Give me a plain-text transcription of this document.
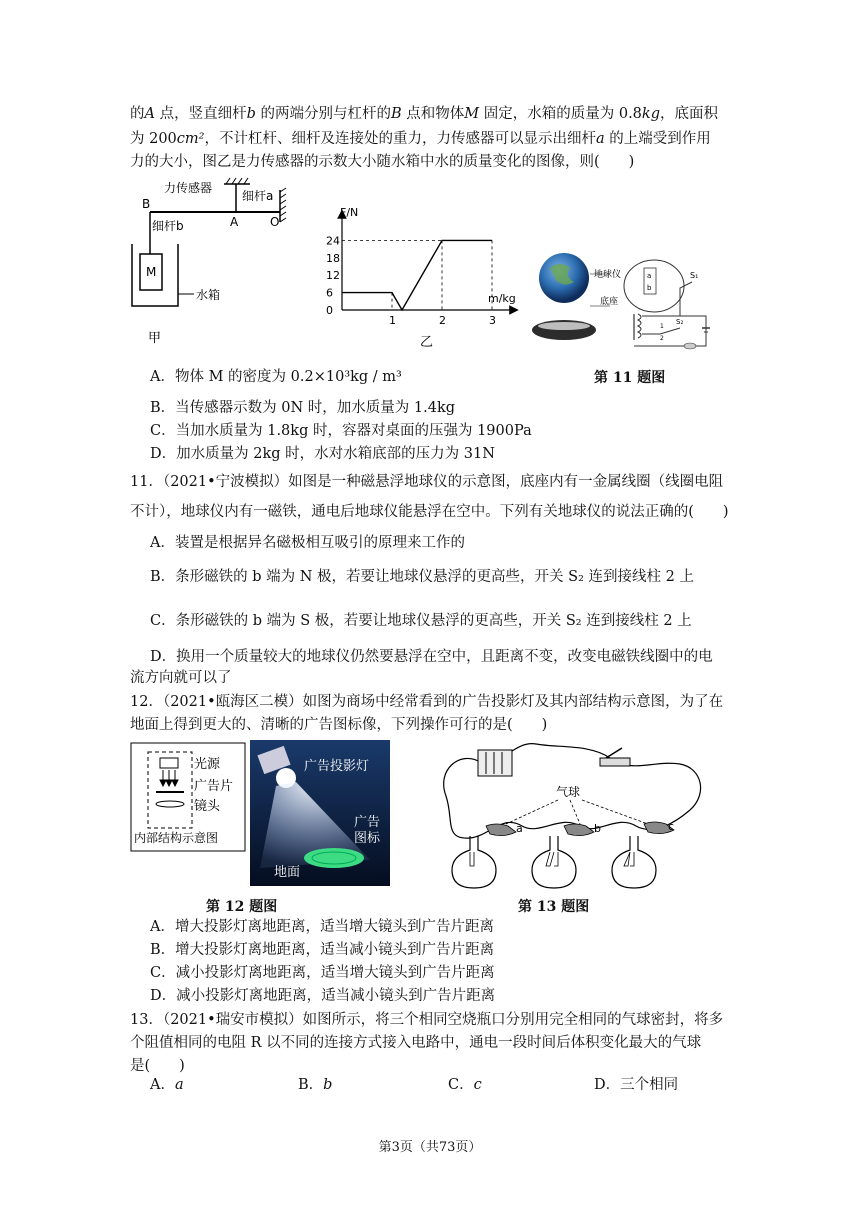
的A 点，竖直细杆b 的两端分别与杠杆的B 点和物体M 固定，水箱的质量为 0.8kg，底面积
为 200cm²，不计杠杆、细杆及连接处的重力，力传感器可以显示出细杆a 的上端受到作用
力的大小，图乙是力传感器的示数大小随水箱中水的质量变化的图像，则(　　)
力传感器
细杆a
B
A	O
细杆b
M
水箱
甲
F/N
m/kg
0
6
12
18
24
1	2	3
乙
地球仪
底座
a
b
S₁
S₂
1
2
A．物体 M 的密度为 0.2×10³kg / m³	第 11 题图
B．当传感器示数为 0N 时，加水质量为 1.4kg
C．当加水质量为 1.8kg 时，容器对桌面的压强为 1900Pa
D．加水质量为 2kg 时，水对水箱底部的压力为 31N
11．（2021•宁波模拟）如图是一种磁悬浮地球仪的示意图，底座内有一金属线圈（线圈电阻
不计），地球仪内有一磁铁，通电后地球仪能悬浮在空中。下列有关地球仪的说法正确的(　　)
A．装置是根据异名磁极相互吸引的原理来工作的
B．条形磁铁的 b 端为 N 极，若要让地球仪悬浮的更高些，开关 S₂ 连到接线柱 2 上
C．条形磁铁的 b 端为 S 极，若要让地球仪悬浮的更高些，开关 S₂ 连到接线柱 2 上
D．换用一个质量较大的地球仪仍然要悬浮在空中，且距离不变，改变电磁铁线圈中的电
流方向就可以了
12．（2021•瓯海区二模）如图为商场中经常看到的广告投影灯及其内部结构示意图，为了在
地面上得到更大的、清晰的广告图标像，下列操作可行的是(　　)
光源
广告片
镜头
内部结构示意图
广告投影灯
广告
图标
地面
气球
a	b	c
第 12 题图	第 13 题图
A．增大投影灯离地距离，适当增大镜头到广告片距离
B．增大投影灯离地距离，适当减小镜头到广告片距离
C．减小投影灯离地距离，适当增大镜头到广告片距离
D．减小投影灯离地距离，适当减小镜头到广告片距离
13．（2021•瑞安市模拟）如图所示，将三个相同空烧瓶口分别用完全相同的气球密封，将多
个阻值相同的电阻 R 以不同的连接方式接入电路中，通电一段时间后体积变化最大的气球
是(　　)
A．a	B．b	C．c	D．三个相同
第3页（共73页）
